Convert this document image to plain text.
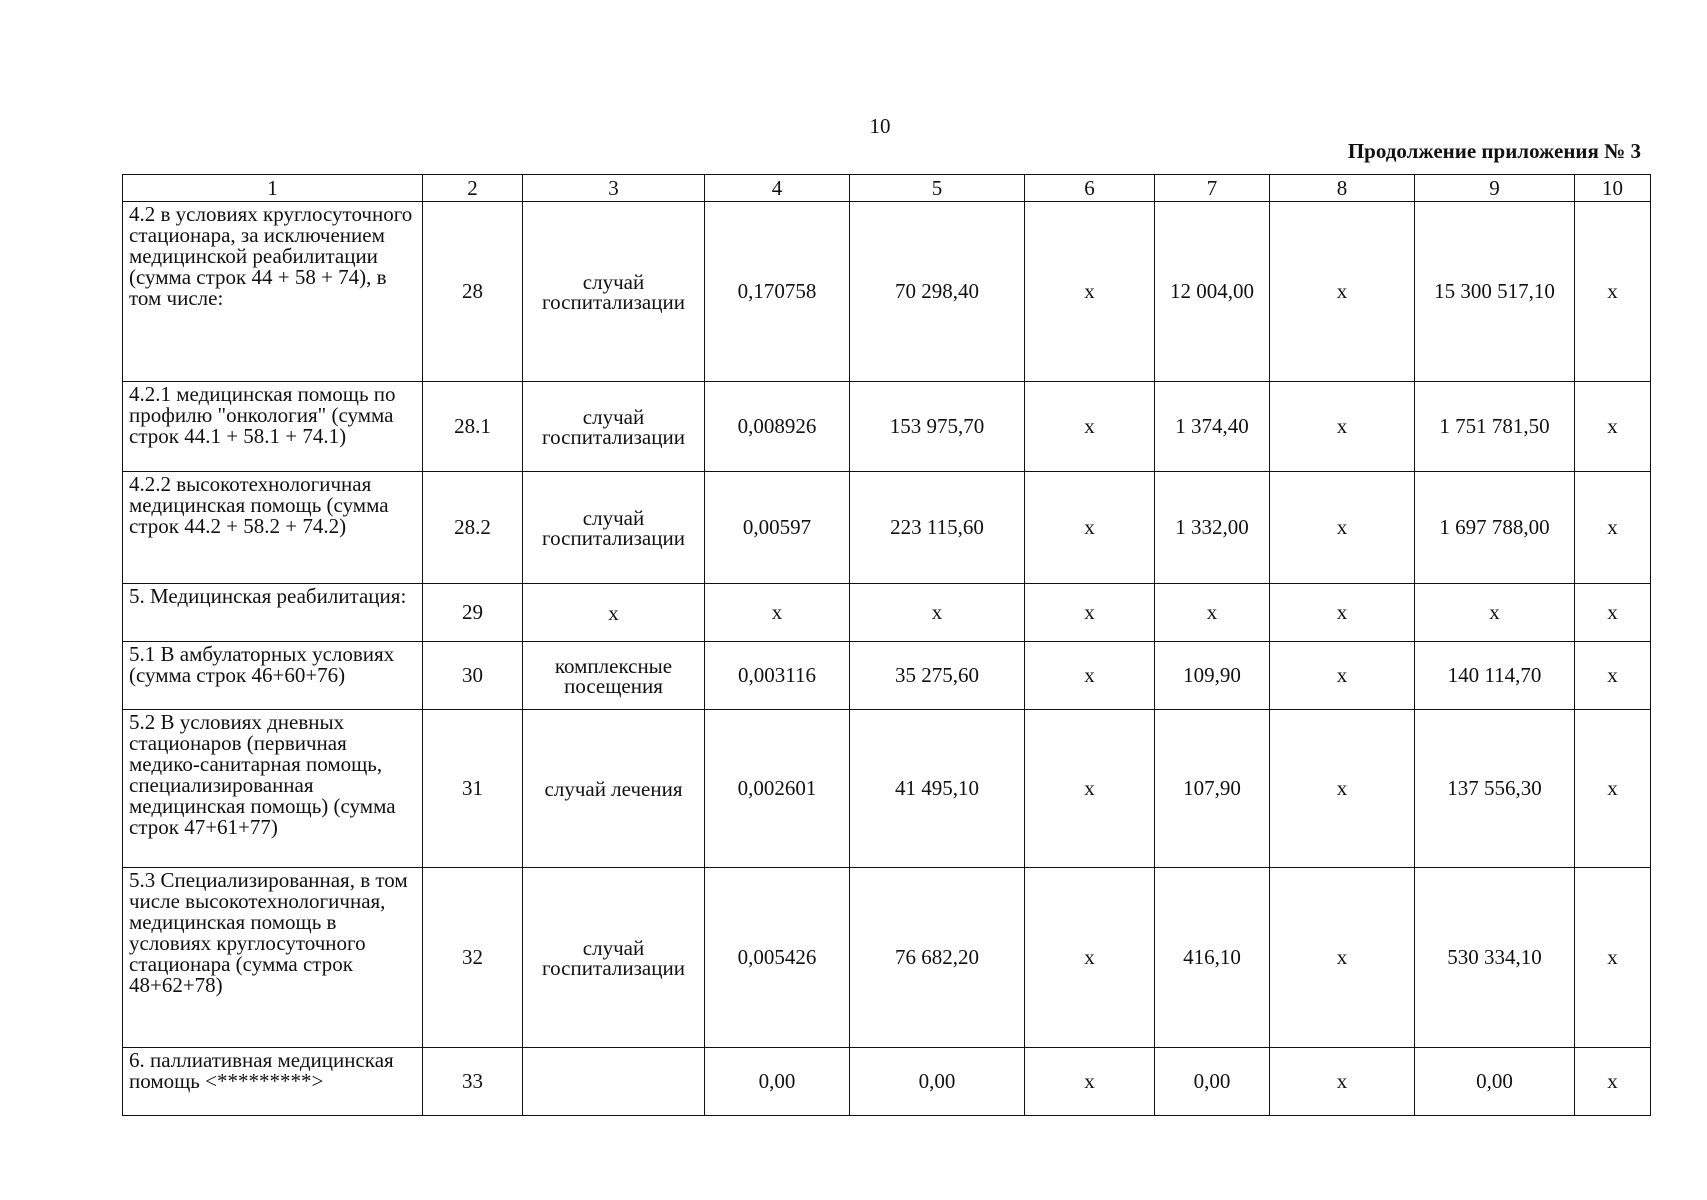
10
Продолжение приложения № 3
1	2	3	4	5	6	7	8	9	10
4.2 в условиях круглосуточного стационара, за исключением медицинской реабилитации (сумма строк 44 + 58 + 74), в том числе:	28	случай госпитализации	0,170758	70 298,40	x	12 004,00	x	15 300 517,10	x
4.2.1 медицинская помощь по профилю "онкология" (сумма строк 44.1 + 58.1 + 74.1)	28.1	случай госпитализации	0,008926	153 975,70	x	1 374,40	x	1 751 781,50	x
4.2.2 высокотехнологичная медицинская помощь (сумма строк 44.2 + 58.2 + 74.2)	28.2	случай госпитализации	0,00597	223 115,60	x	1 332,00	x	1 697 788,00	x
5. Медицинская реабилитация:	29	x	x	x	x	x	x	x	x
5.1 В амбулаторных условиях (сумма строк 46+60+76)	30	комплексные посещения	0,003116	35 275,60	x	109,90	x	140 114,70	x
5.2 В условиях дневных стационаров (первичная медико-санитарная помощь, специализированная медицинская помощь) (сумма строк 47+61+77)	31	случай лечения	0,002601	41 495,10	x	107,90	x	137 556,30	x
5.3 Специализированная, в том числе высокотехнологичная, медицинская помощь в условиях круглосуточного стационара (сумма строк 48+62+78)	32	случай госпитализации	0,005426	76 682,20	x	416,10	x	530 334,10	x
6. паллиативная медицинская помощь <*********>	33		0,00	0,00	x	0,00	x	0,00	x
